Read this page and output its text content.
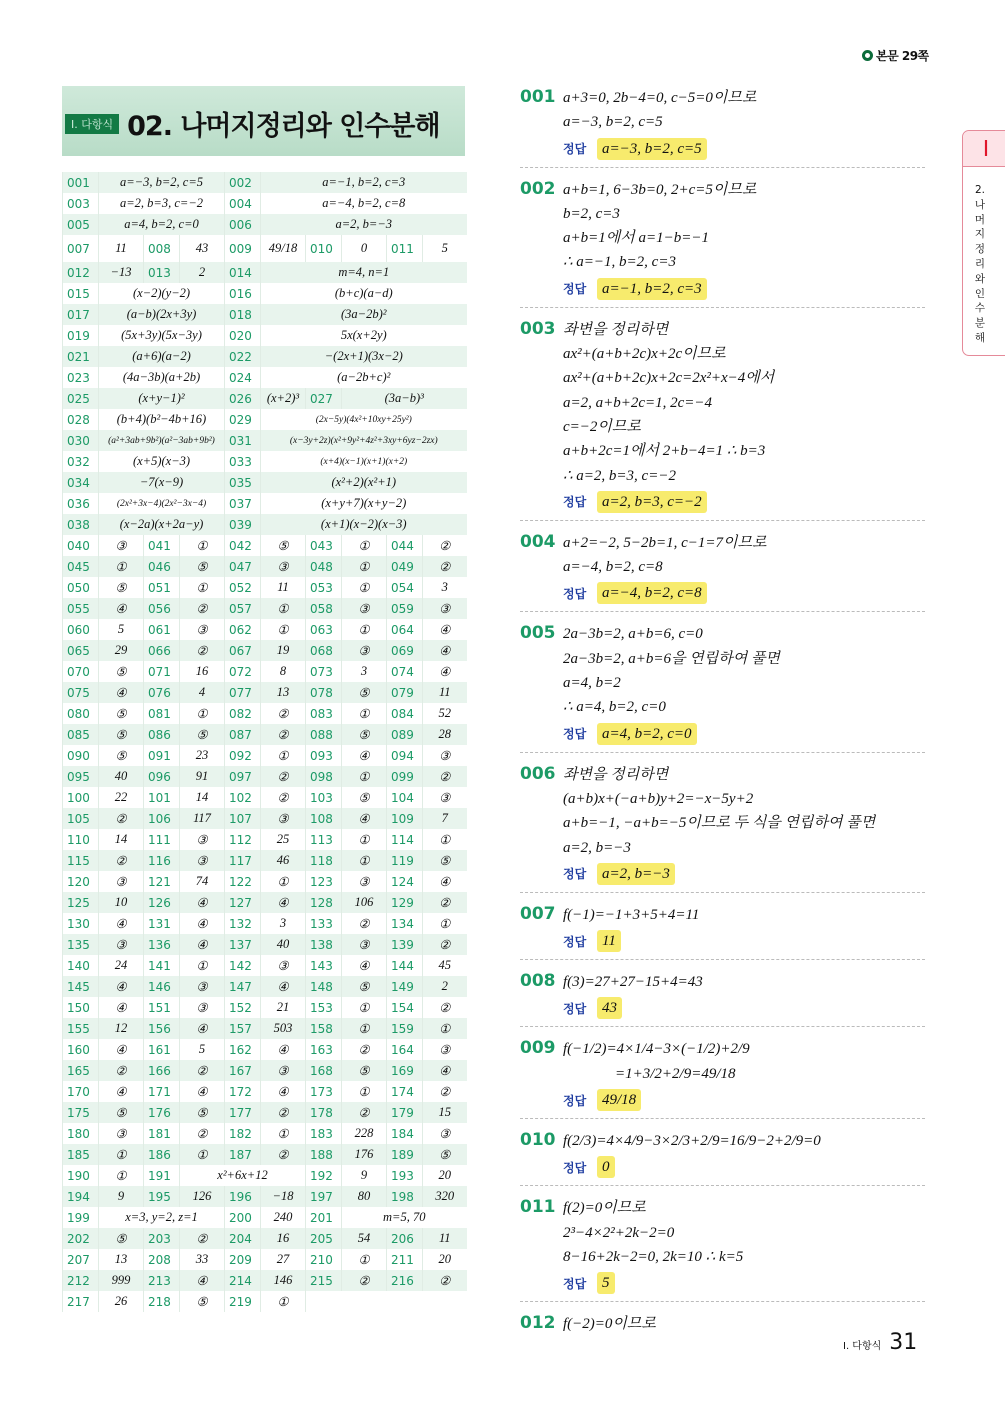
본문 29쪽
Ⅰ. 다항식 02. 나머지정리와 인수분해
001	a=−3, b=2, c=5			002	a=−1, b=2, c=3				
003	a=2, b=3, c=−2			004	a=−4, b=2, c=8				
005	a=4, b=2, c=0			006	a=2, b=−3				
007	11	008	43	009	49/18	010	0	011	5
012	−13	013	2	014	m=4, n=1				
015	(x−2)(y−2)			016	(b+c)(a−d)				
017	(a−b)(2x+3y)			018	(3a−2b)²				
019	(5x+3y)(5x−3y)			020	5x(x+2y)				
021	(a+6)(a−2)			022	−(2x+1)(3x−2)				
023	(4a−3b)(a+2b)			024	(a−2b+c)²				
025	(x+y−1)²			026	(x+2)³	027	(3a−b)³		
028	(b+4)(b²−4b+16)			029	(2x−5y)(4x²+10xy+25y²)				
030	(a²+3ab+9b²)(a²−3ab+9b²)			031	(x−3y+2z)(x²+9y²+4z²+3xy+6yz−2zx)				
032	(x+5)(x−3)			033	(x+4)(x−1)(x+1)(x+2)				
034	−7(x−9)			035	(x²+2)(x²+1)				
036	(2x²+3x−4)(2x²−3x−4)			037	(x+y+7)(x+y−2)				
038	(x−2a)(x+2a−y)			039	(x+1)(x−2)(x−3)				
040	③	041	①	042	⑤	043	①	044	②
045	①	046	⑤	047	③	048	①	049	②
050	⑤	051	①	052	11	053	①	054	3
055	④	056	②	057	①	058	③	059	③
060	5	061	③	062	①	063	①	064	④
065	29	066	②	067	19	068	③	069	④
070	⑤	071	16	072	8	073	3	074	④
075	④	076	4	077	13	078	⑤	079	11
080	⑤	081	①	082	②	083	①	084	52
085	⑤	086	⑤	087	②	088	⑤	089	28
090	⑤	091	23	092	①	093	④	094	③
095	40	096	91	097	②	098	①	099	②
100	22	101	14	102	②	103	⑤	104	③
105	②	106	117	107	③	108	④	109	7
110	14	111	③	112	25	113	①	114	①
115	②	116	③	117	46	118	①	119	⑤
120	③	121	74	122	①	123	③	124	④
125	10	126	④	127	④	128	106	129	②
130	④	131	④	132	3	133	②	134	①
135	③	136	④	137	40	138	③	139	②
140	24	141	①	142	③	143	④	144	45
145	④	146	③	147	④	148	⑤	149	2
150	④	151	③	152	21	153	①	154	②
155	12	156	④	157	503	158	①	159	①
160	④	161	5	162	④	163	②	164	③
165	②	166	②	167	③	168	⑤	169	④
170	④	171	④	172	④	173	①	174	②
175	⑤	176	⑤	177	②	178	②	179	15
180	③	181	②	182	①	183	228	184	③
185	①	186	①	187	②	188	176	189	⑤
190	①	191	x²+6x+12			192	9	193	20
194	9	195	126	196	−18	197	80	198	320
199	x=3, y=2, z=1			200	240	201	m=5, 70		
202	⑤	203	②	204	16	205	54	206	11
207	13	208	33	209	27	210	①	211	20
212	999	213	④	214	146	215	②	216	②
217	26	218	⑤	219	①				
001 a+3=0, 2b−4=0, c−5=0이므로
a=−3, b=2, c=5
정답	a=−3, b=2, c=5
002 a+b=1, 6−3b=0, 2+c=5이므로
b=2, c=3
a+b=1에서 a=1−b=−1
∴ a=−1, b=2, c=3
정답	a=−1, b=2, c=3
003 좌변을 정리하면
ax²+(a+b+2c)x+2c이므로
ax²+(a+b+2c)x+2c=2x²+x−4에서
a=2, a+b+2c=1, 2c=−4
c=−2이므로
a+b+2c=1에서 2+b−4=1 ∴ b=3
∴ a=2, b=3, c=−2
정답	a=2, b=3, c=−2
004 a+2=−2, 5−2b=1, c−1=7이므로
a=−4, b=2, c=8
정답	a=−4, b=2, c=8
005 2a−3b=2, a+b=6, c=0
2a−3b=2, a+b=6을 연립하여 풀면
a=4, b=2
∴ a=4, b=2, c=0
정답	a=4, b=2, c=0
006 좌변을 정리하면
(a+b)x+(−a+b)y+2=−x−5y+2
a+b=−1, −a+b=−5이므로 두 식을 연립하여 풀면
a=2, b=−3
정답	a=2, b=−3
007 f(−1)=−1+3+5+4=11
정답	11
008 f(3)=27+27−15+4=43
정답	43
009 f(−1/2)=4×1/4−3×(−1/2)+2/9
=1+3/2+2/9=49/18
정답	49/18
010 f(2/3)=4×4/9−3×2/3+2/9=16/9−2+2/9=0
정답	0
011 f(2)=0이므로
2³−4×2²+2k−2=0
8−16+2k−2=0, 2k=10 ∴ k=5
정답	5
012 f(−2)=0이므로
Ⅰ
2.나머지정리와인수분해
Ⅰ. 다항식 31
